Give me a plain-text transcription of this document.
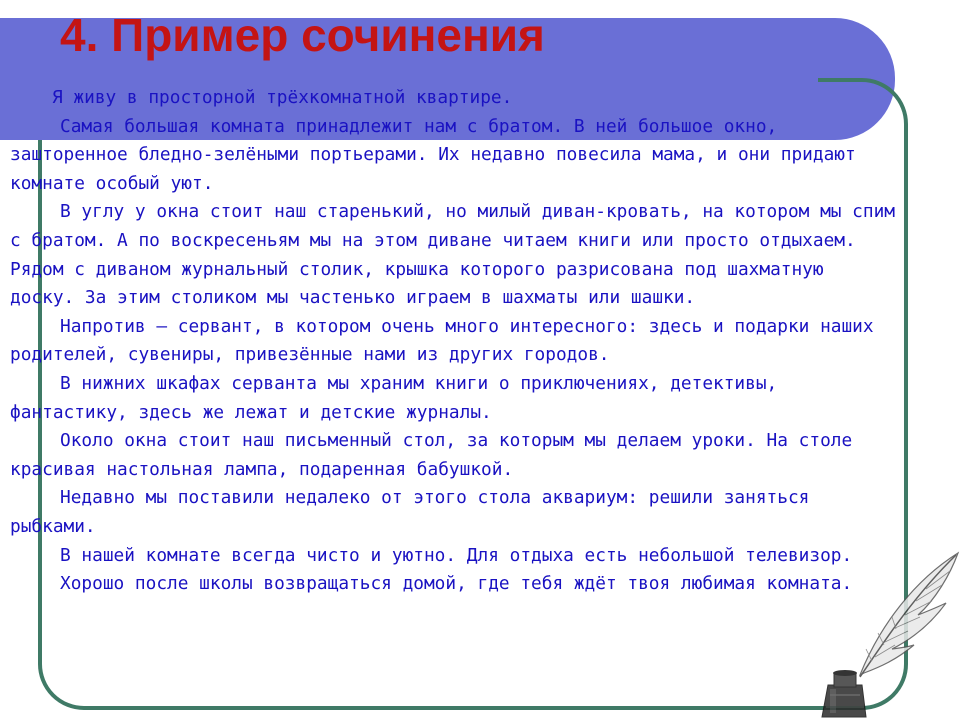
4. Пример сочинения

Я живу в просторной трёхкомнатной квартире.

Самая большая комната принадлежит нам с братом. В ней большое окно, зашторенное бледно-зелёными портьерами. Их недавно повесила мама, и они придают комнате особый уют.

В углу у окна стоит наш старенький, но милый диван-кровать, на котором мы спим с братом. А по воскресеньям мы на этом диване читаем книги или просто отдыхаем. Рядом с диваном журнальный столик, крышка которого разрисована под шахматную доску. За этим столиком мы частенько играем в шахматы или шашки.

Напротив – сервант, в котором очень много интересного: здесь и подарки наших родителей, сувениры, привезённые нами из других городов.

В нижних шкафах серванта мы храним книги о приключениях, детективы, фантастику, здесь же лежат и детские журналы.

Около окна стоит наш письменный стол, за которым мы делаем уроки. На столе красивая настольная лампа, подаренная бабушкой.

Недавно мы поставили недалеко от этого стола аквариум: решили заняться рыбками.

В нашей комнате всегда чисто и уютно. Для отдыха есть небольшой телевизор.

Хорошо после школы возвращаться домой, где тебя ждёт твоя любимая комната.
